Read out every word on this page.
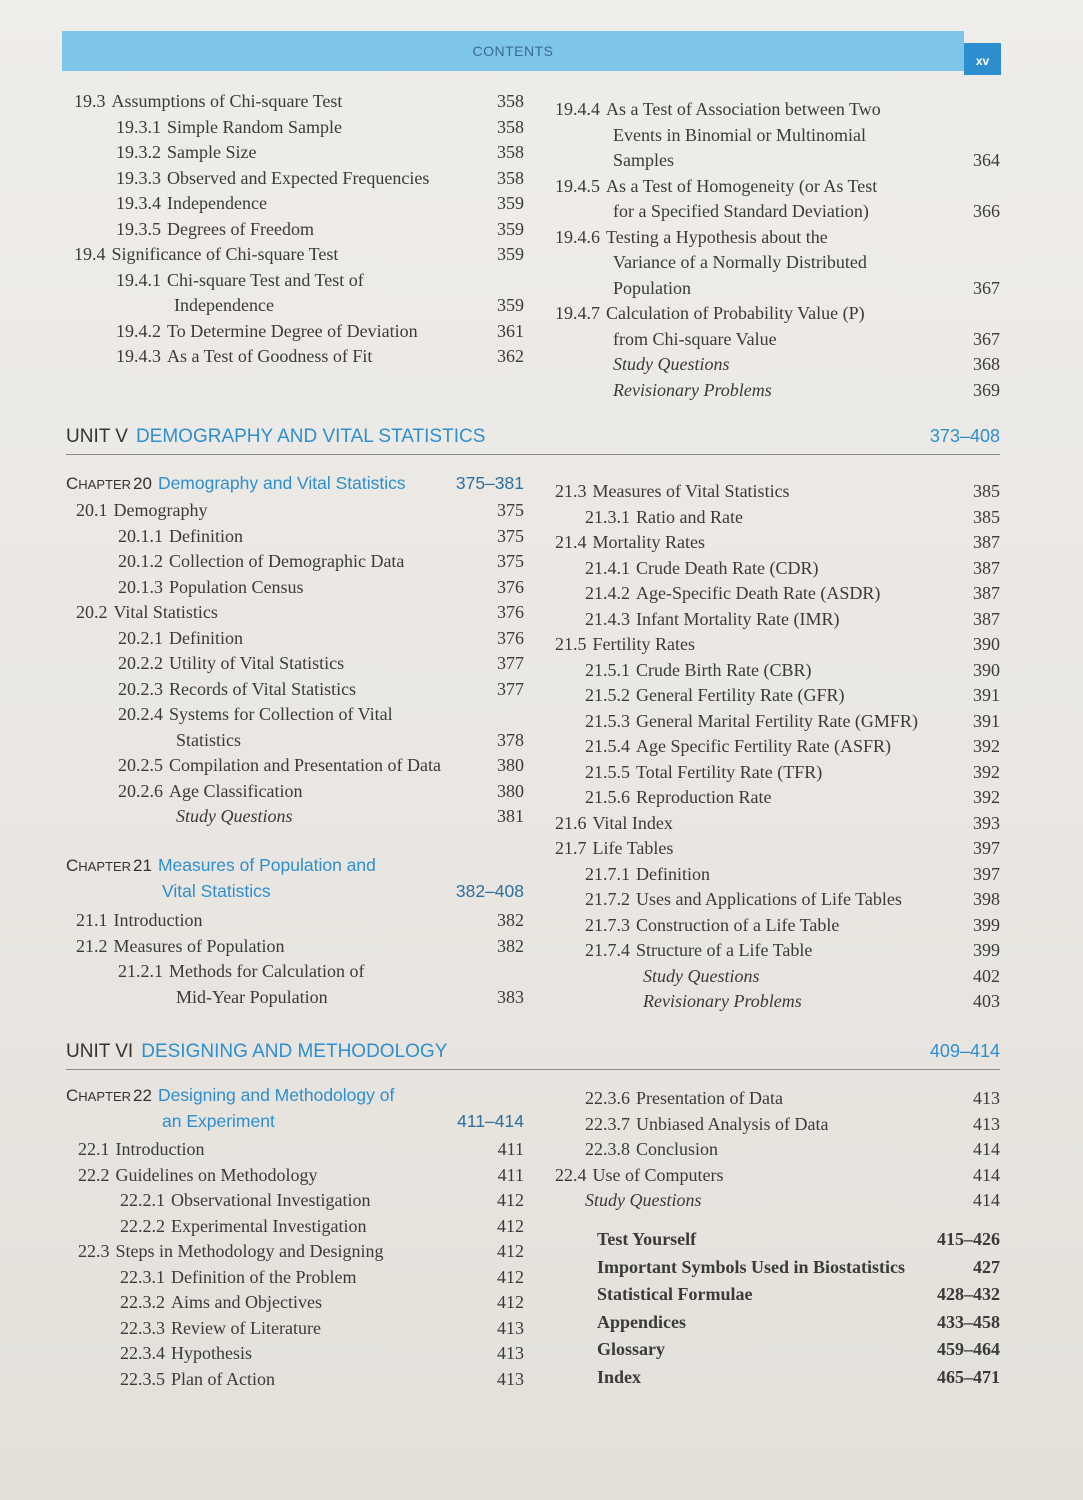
CONTENTS
xv
19.3 Assumptions of Chi-square Test	358
19.3.1 Simple Random Sample	358
19.3.2 Sample Size	358
19.3.3 Observed and Expected Frequencies	358
19.3.4 Independence	359
19.3.5 Degrees of Freedom	359
19.4 Significance of Chi-square Test	359
19.4.1 Chi-square Test and Test of
Independence	359
19.4.2 To Determine Degree of Deviation	361
19.4.3 As a Test of Goodness of Fit	362
19.4.4 As a Test of Association between Two
Events in Binomial or Multinomial
Samples	364
19.4.5 As a Test of Homogeneity (or As Test
for a Specified Standard Deviation)	366
19.4.6 Testing a Hypothesis about the
Variance of a Normally Distributed
Population	367
19.4.7 Calculation of Probability Value (P)
from Chi-square Value	367
Study Questions	368
Revisionary Problems	369
UNIT V DEMOGRAPHY AND VITAL STATISTICS	373–408
CHAPTER 20 Demography and Vital Statistics	375–381
20.1 Demography	375
20.1.1 Definition	375
20.1.2 Collection of Demographic Data	375
20.1.3 Population Census	376
20.2 Vital Statistics	376
20.2.1 Definition	376
20.2.2 Utility of Vital Statistics	377
20.2.3 Records of Vital Statistics	377
20.2.4 Systems for Collection of Vital
Statistics	378
20.2.5 Compilation and Presentation of Data	380
20.2.6 Age Classification	380
Study Questions	381
CHAPTER 21 Measures of Population and
Vital Statistics	382–408
21.1 Introduction	382
21.2 Measures of Population	382
21.2.1 Methods for Calculation of
Mid-Year Population	383
21.3 Measures of Vital Statistics	385
21.3.1 Ratio and Rate	385
21.4 Mortality Rates	387
21.4.1 Crude Death Rate (CDR)	387
21.4.2 Age-Specific Death Rate (ASDR)	387
21.4.3 Infant Mortality Rate (IMR)	387
21.5 Fertility Rates	390
21.5.1 Crude Birth Rate (CBR)	390
21.5.2 General Fertility Rate (GFR)	391
21.5.3 General Marital Fertility Rate (GMFR)	391
21.5.4 Age Specific Fertility Rate (ASFR)	392
21.5.5 Total Fertility Rate (TFR)	392
21.5.6 Reproduction Rate	392
21.6 Vital Index	393
21.7 Life Tables	397
21.7.1 Definition	397
21.7.2 Uses and Applications of Life Tables	398
21.7.3 Construction of a Life Table	399
21.7.4 Structure of a Life Table	399
Study Questions	402
Revisionary Problems	403
UNIT VI DESIGNING AND METHODOLOGY	409–414
CHAPTER 22 Designing and Methodology of
an Experiment	411–414
22.1 Introduction	411
22.2 Guidelines on Methodology	411
22.2.1 Observational Investigation	412
22.2.2 Experimental Investigation	412
22.3 Steps in Methodology and Designing	412
22.3.1 Definition of the Problem	412
22.3.2 Aims and Objectives	412
22.3.3 Review of Literature	413
22.3.4 Hypothesis	413
22.3.5 Plan of Action	413
22.3.6 Presentation of Data	413
22.3.7 Unbiased Analysis of Data	413
22.3.8 Conclusion	414
22.4 Use of Computers	414
Study Questions	414
Test Yourself	415–426
Important Symbols Used in Biostatistics	427
Statistical Formulae	428–432
Appendices	433–458
Glossary	459–464
Index	465–471
